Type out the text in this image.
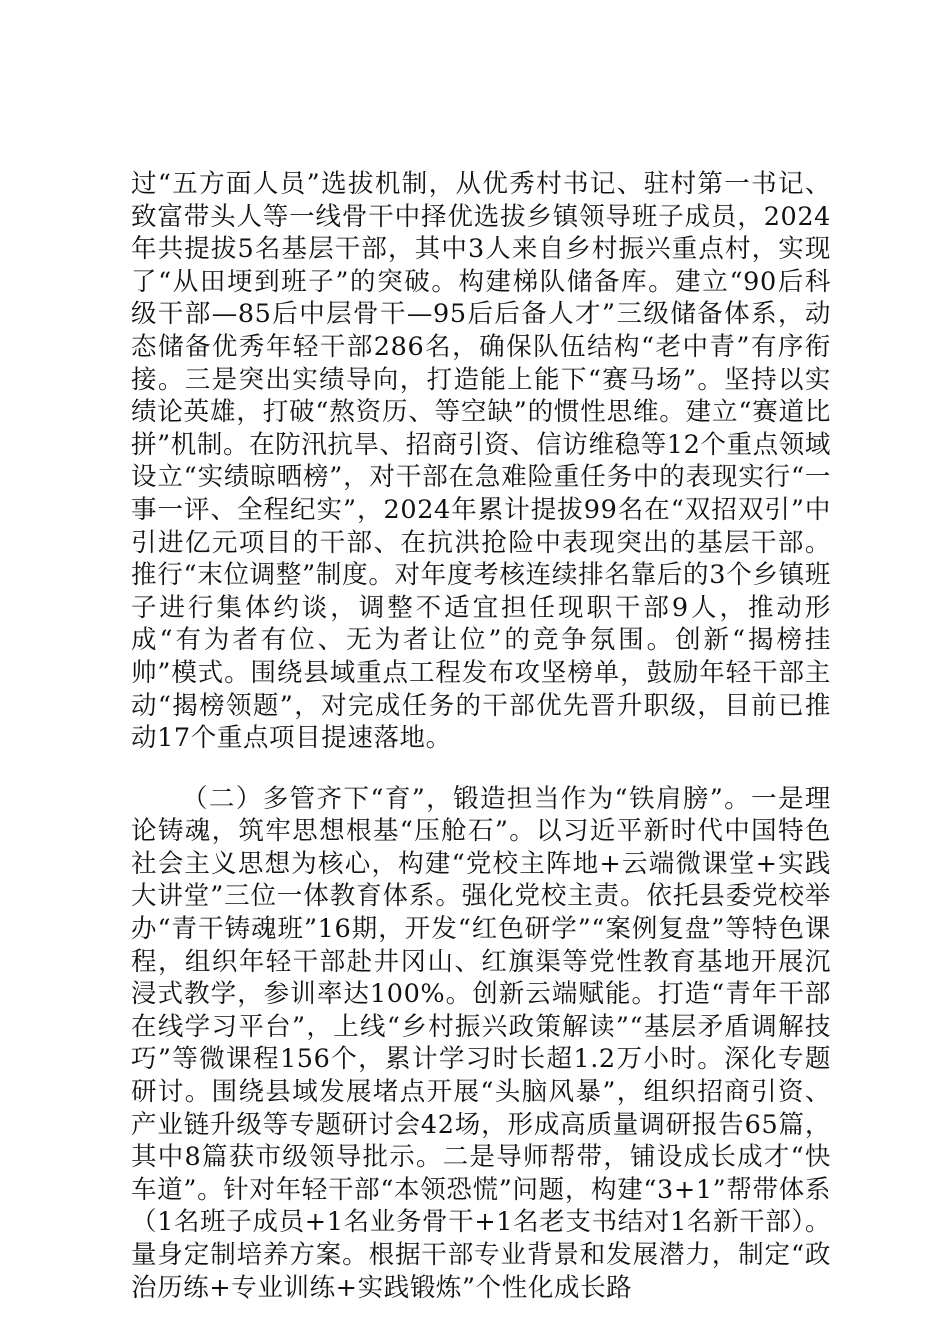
过“五方面人员”选拔机制，从优秀村书记、驻村第一书记、致富带头人等一线骨干中择优选拔乡镇领导班子成员，2024年共提拔5名基层干部，其中3人来自乡村振兴重点村，实现了“从田埂到班子”的突破。构建梯队储备库。建立“90后科级干部—85后中层骨干—95后后备人才”三级储备体系，动态储备优秀年轻干部286名，确保队伍结构“老中青”有序衔接。三是突出实绩导向，打造能上能下“赛马场”。坚持以实绩论英雄，打破“熬资历、等空缺”的惯性思维。建立“赛道比拼”机制。在防汛抗旱、招商引资、信访维稳等12个重点领域设立“实绩晾晒榜”，对干部在急难险重任务中的表现实行“一事一评、全程纪实”，2024年累计提拔99名在“双招双引”中引进亿元项目的干部、在抗洪抢险中表现突出的基层干部。推行“末位调整”制度。对年度考核连续排名靠后的3个乡镇班子进行集体约谈，调整不适宜担任现职干部9人，推动形成“有为者有位、无为者让位”的竞争氛围。创新“揭榜挂帅”模式。围绕县域重点工程发布攻坚榜单，鼓励年轻干部主动“揭榜领题”，对完成任务的干部优先晋升职级，目前已推动17个重点项目提速落地。

（二）多管齐下“育”，锻造担当作为“铁肩膀”。一是理论铸魂，筑牢思想根基“压舱石”。以习近平新时代中国特色社会主义思想为核心，构建“党校主阵地+云端微课堂+实践大讲堂”三位一体教育体系。强化党校主责。依托县委党校举办“青干铸魂班”16期，开发“红色研学”“案例复盘”等特色课程，组织年轻干部赴井冈山、红旗渠等党性教育基地开展沉浸式教学，参训率达100%。创新云端赋能。打造“青年干部在线学习平台”，上线“乡村振兴政策解读”“基层矛盾调解技巧”等微课程156个，累计学习时长超1.2万小时。深化专题研讨。围绕县域发展堵点开展“头脑风暴”，组织招商引资、产业链升级等专题研讨会42场，形成高质量调研报告65篇，其中8篇获市级领导批示。二是导师帮带，铺设成长成才“快车道”。针对年轻干部“本领恐慌”问题，构建“3+1”帮带体系（1名班子成员+1名业务骨干+1名老支书结对1名新干部）。量身定制培养方案。根据干部专业背景和发展潜力，制定“政治历练+专业训练+实践锻炼”个性化成长路
